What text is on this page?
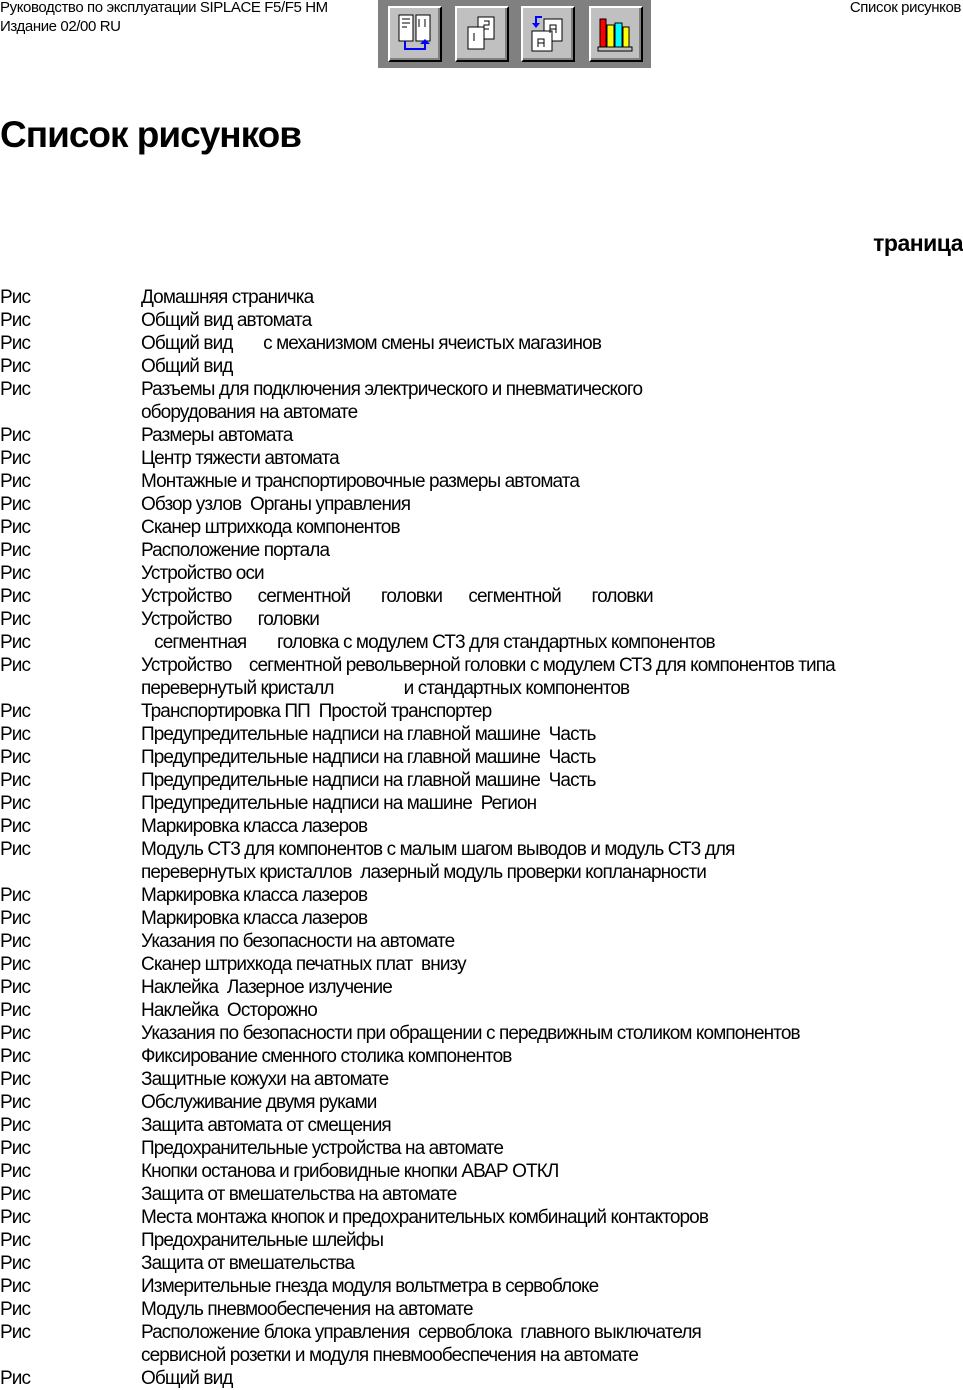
Руководство по эксплуатации SIPLACE F5/F5 HM
Издание 02/00 RU
Список рисунков
Список рисунков
траница
Рис	Домашняя страничка
Рис	Общий вид автомата
Рис	Общий вид       с механизмом смены ячеистых магазинов
Рис	Общий вид
Рис	Разъемы для подключения электрического и пневматического
оборудования на автомате
Рис	Размеры автомата
Рис	Центр тяжести автомата
Рис	Монтажные и транспортировочные размеры автомата
Рис	Обзор узлов  Органы управления
Рис	Сканер штрихкода компонентов
Рис	Расположение портала
Рис	Устройство оси
Рис	Устройство      сегментной       головки      сегментной       головки
Рис	Устройство      головки
Рис	сегментная       головка с модулем СТ3 для стандартных компонентов
Рис	Устройство    сегментной револьверной головки с модулем СТ3 для компонентов типа
перевернутый кристалл                и стандартных компонентов
Рис	Транспортировка ПП  Простой транспортер
Рис	Предупредительные надписи на главной машине  Часть
Рис	Предупредительные надписи на главной машине  Часть
Рис	Предупредительные надписи на главной машине  Часть
Рис	Предупредительные надписи на машине  Регион
Рис	Маркировка класса лазеров
Рис	Модуль СТ3 для компонентов с малым шагом выводов и модуль СТ3 для
перевернутых кристаллов  лазерный модуль проверки копланарности
Рис	Маркировка класса лазеров
Рис	Маркировка класса лазеров
Рис	Указания по безопасности на автомате
Рис	Сканер штрихкода печатных плат  внизу
Рис	Наклейка  Лазерное излучение
Рис	Наклейка  Осторожно
Рис	Указания по безопасности при обращении с передвижным столиком компонентов
Рис	Фиксирование сменного столика компонентов
Рис	Защитные кожухи на автомате
Рис	Обслуживание двумя руками
Рис	Защита автомата от смещения
Рис	Предохранительные устройства на автомате
Рис	Кнопки останова и грибовидные кнопки АВАР ОТКЛ
Рис	Защита от вмешательства на автомате
Рис	Места монтажа кнопок и предохранительных комбинаций контакторов
Рис	Предохранительные шлейфы
Рис	Защита от вмешательства
Рис	Измерительные гнезда модуля вольтметра в сервоблоке
Рис	Модуль пневмообеспечения на автомате
Рис	Расположение блока управления  сервоблока  главного выключателя
сервисной розетки и модуля пневмообеспечения на автомате
Рис	Общий вид
